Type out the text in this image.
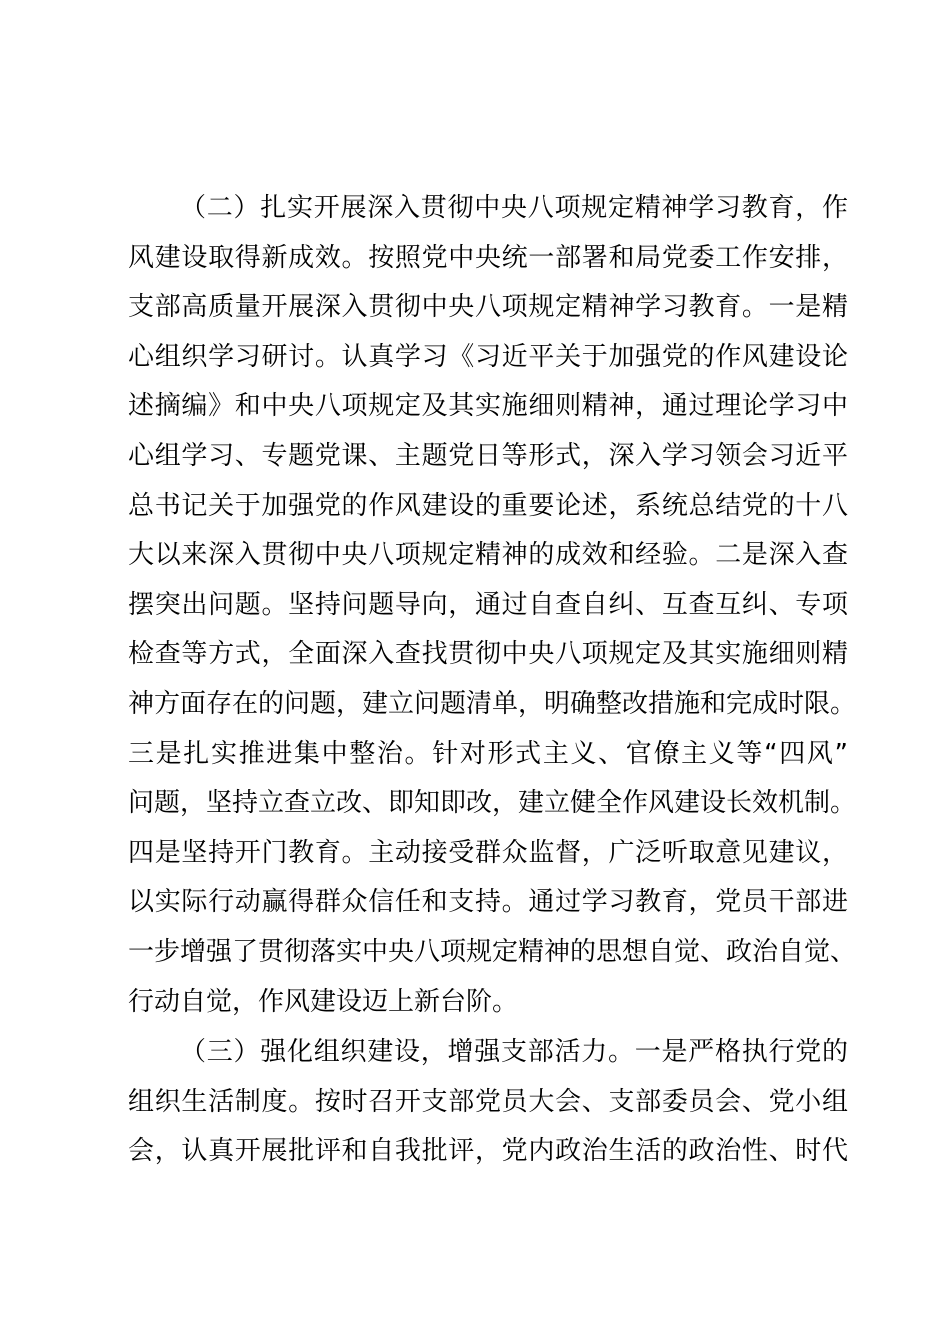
（二）扎实开展深入贯彻中央八项规定精神学习教育，作
风建设取得新成效。按照党中央统一部署和局党委工作安排，
支部高质量开展深入贯彻中央八项规定精神学习教育。一是精
心组织学习研讨。认真学习《习近平关于加强党的作风建设论
述摘编》和中央八项规定及其实施细则精神，通过理论学习中
心组学习、专题党课、主题党日等形式，深入学习领会习近平
总书记关于加强党的作风建设的重要论述，系统总结党的十八
大以来深入贯彻中央八项规定精神的成效和经验。二是深入查
摆突出问题。坚持问题导向，通过自查自纠、互查互纠、专项
检查等方式，全面深入查找贯彻中央八项规定及其实施细则精
神方面存在的问题，建立问题清单，明确整改措施和完成时限。
三是扎实推进集中整治。针对形式主义、官僚主义等“四风”
问题，坚持立查立改、即知即改，建立健全作风建设长效机制。
四是坚持开门教育。主动接受群众监督，广泛听取意见建议，
以实际行动赢得群众信任和支持。通过学习教育，党员干部进
一步增强了贯彻落实中央八项规定精神的思想自觉、政治自觉、
行动自觉，作风建设迈上新台阶。
（三）强化组织建设，增强支部活力。一是严格执行党的
组织生活制度。按时召开支部党员大会、支部委员会、党小组
会，认真开展批评和自我批评，党内政治生活的政治性、时代
